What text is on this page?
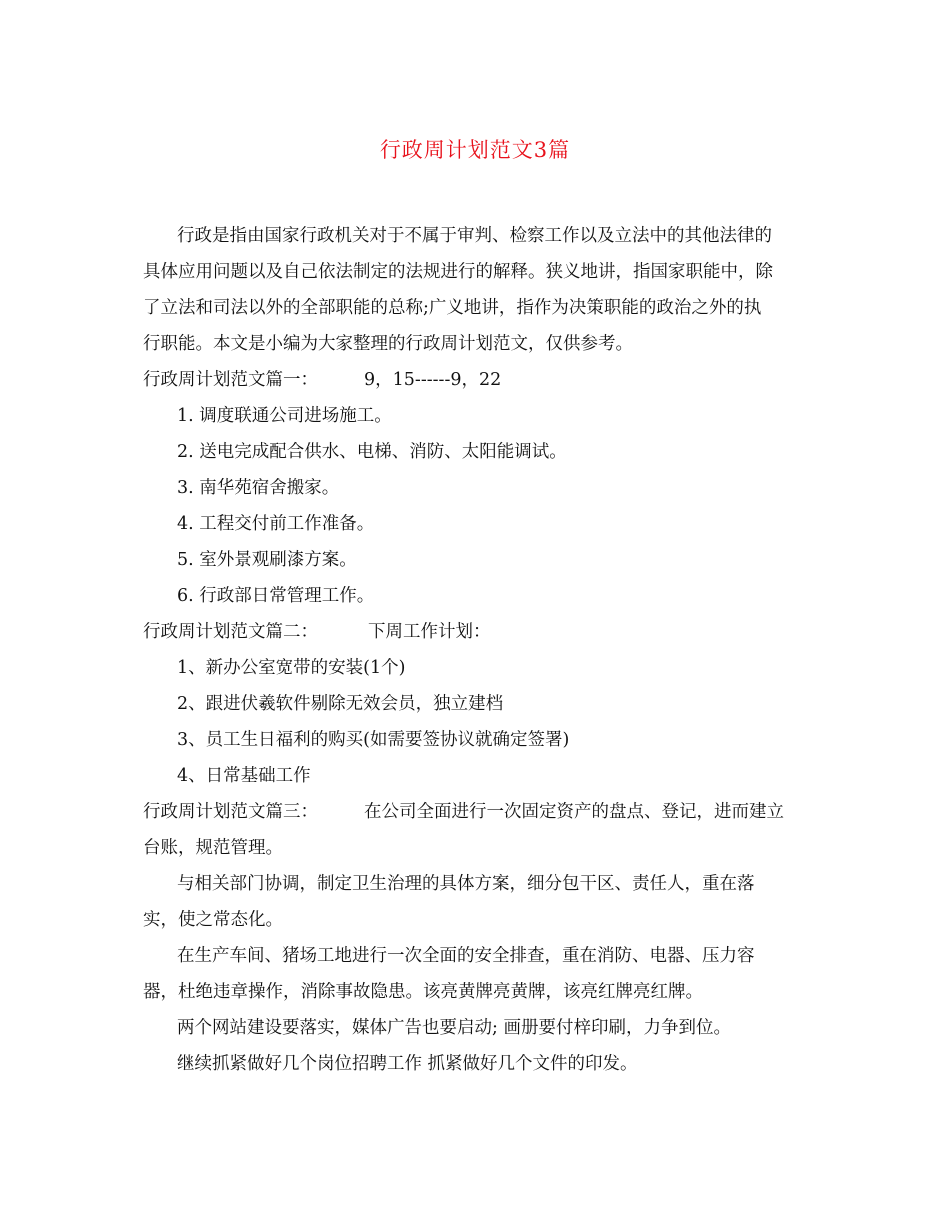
行政周计划范文3篇
行政是指由国家行政机关对于不属于审判、检察工作以及立法中的其他法律的
具体应用问题以及自己依法制定的法规进行的解释。狭义地讲，指国家职能中，除
了立法和司法以外的全部职能的总称;广义地讲，指作为决策职能的政治之外的执
行职能。本文是小编为大家整理的行政周计划范文，仅供参考。
行政周计划范文篇一：	9，15------9，22
1. 调度联通公司进场施工。
2. 送电完成配合供水、电梯、消防、太阳能调试。
3. 南华苑宿舍搬家。
4. 工程交付前工作准备。
5. 室外景观刷漆方案。
6. 行政部日常管理工作。
行政周计划范文篇二：	下周工作计划：
1、新办公室宽带的安装(1个)
2、跟进伏羲软件剔除无效会员，独立建档
3、员工生日福利的购买(如需要签协议就确定签署)
4、日常基础工作
行政周计划范文篇三：	在公司全面进行一次固定资产的盘点、登记，进而建立
台账，规范管理。
与相关部门协调，制定卫生治理的具体方案，细分包干区、责任人，重在落
实，使之常态化。
在生产车间、猪场工地进行一次全面的安全排查，重在消防、电器、压力容
器，杜绝违章操作，消除事故隐患。该亮黄牌亮黄牌，该亮红牌亮红牌。
两个网站建设要落实，媒体广告也要启动; 画册要付梓印刷，力争到位。
继续抓紧做好几个岗位招聘工作 抓紧做好几个文件的印发。
